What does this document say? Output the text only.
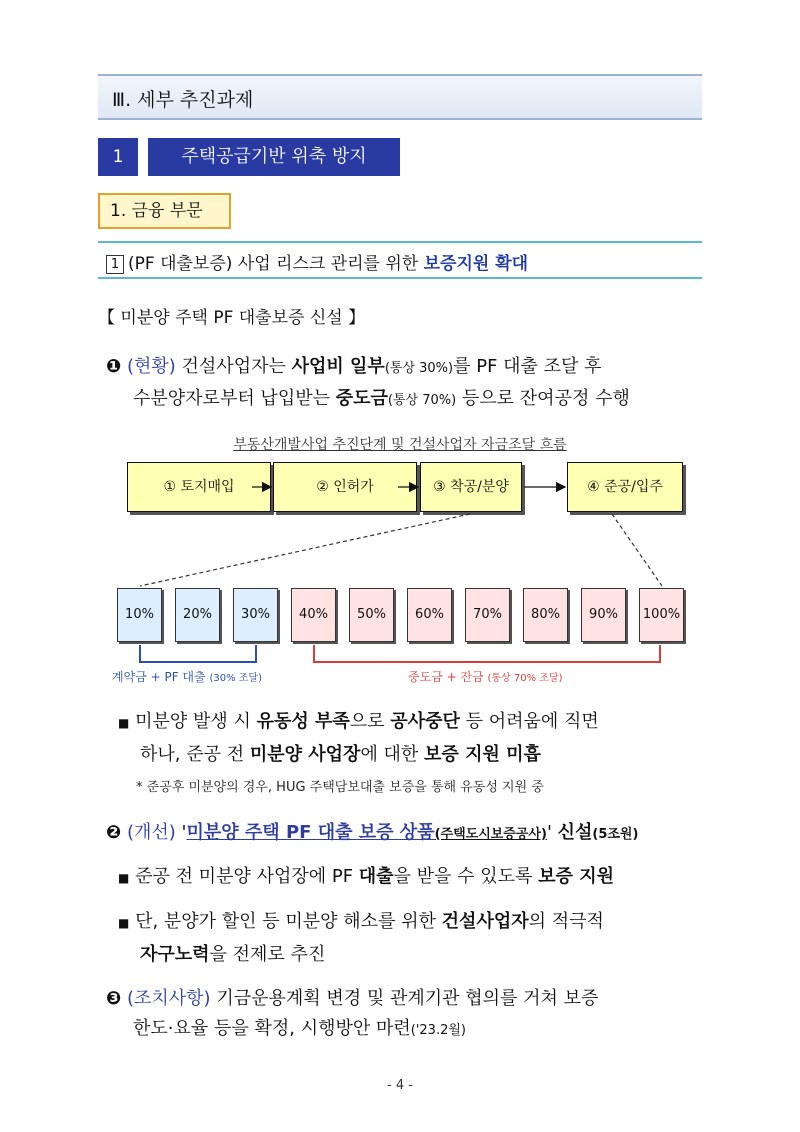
Ⅲ. 세부 추진과제
1	주택공급기반 위축 방지
1. 금융 부문
1 (PF 대출보증) 사업 리스크 관리를 위한 보증지원 확대
【 미분양 주택 PF 대출보증 신설 】
❶ (현황) 건설사업자는 사업비 일부(통상 30%)를 PF 대출 조달 후
수분양자로부터 납입받는 중도금(통상 70%) 등으로 잔여공정 수행
부동산개발사업 추진단계 및 건설사업자 자금조달 흐름
① 토지매입	② 인허가	③ 착공/분양	④ 준공/입주
10%	20%	30%	40%	50%	60%	70%	80%	90%	100%
계약금 + PF 대출 (30% 조달)	중도금 + 잔금 (통상 70% 조달)
■ 미분양 발생 시 유동성 부족으로 공사중단 등 어려움에 직면
하나, 준공 전 미분양 사업장에 대한 보증 지원 미흡
* 준공후 미분양의 경우, HUG 주택담보대출 보증을 통해 유동성 지원 중
❷ (개선) '미분양 주택 PF 대출 보증 상품(주택도시보증공사)' 신설(5조원)
■ 준공 전 미분양 사업장에 PF 대출을 받을 수 있도록 보증 지원
■ 단, 분양가 할인 등 미분양 해소를 위한 건설사업자의 적극적
자구노력을 전제로 추진
❸ (조치사항) 기금운용계획 변경 및 관계기관 협의를 거쳐 보증
한도·요율 등을 확정, 시행방안 마련('23.2월)
- 4 -
